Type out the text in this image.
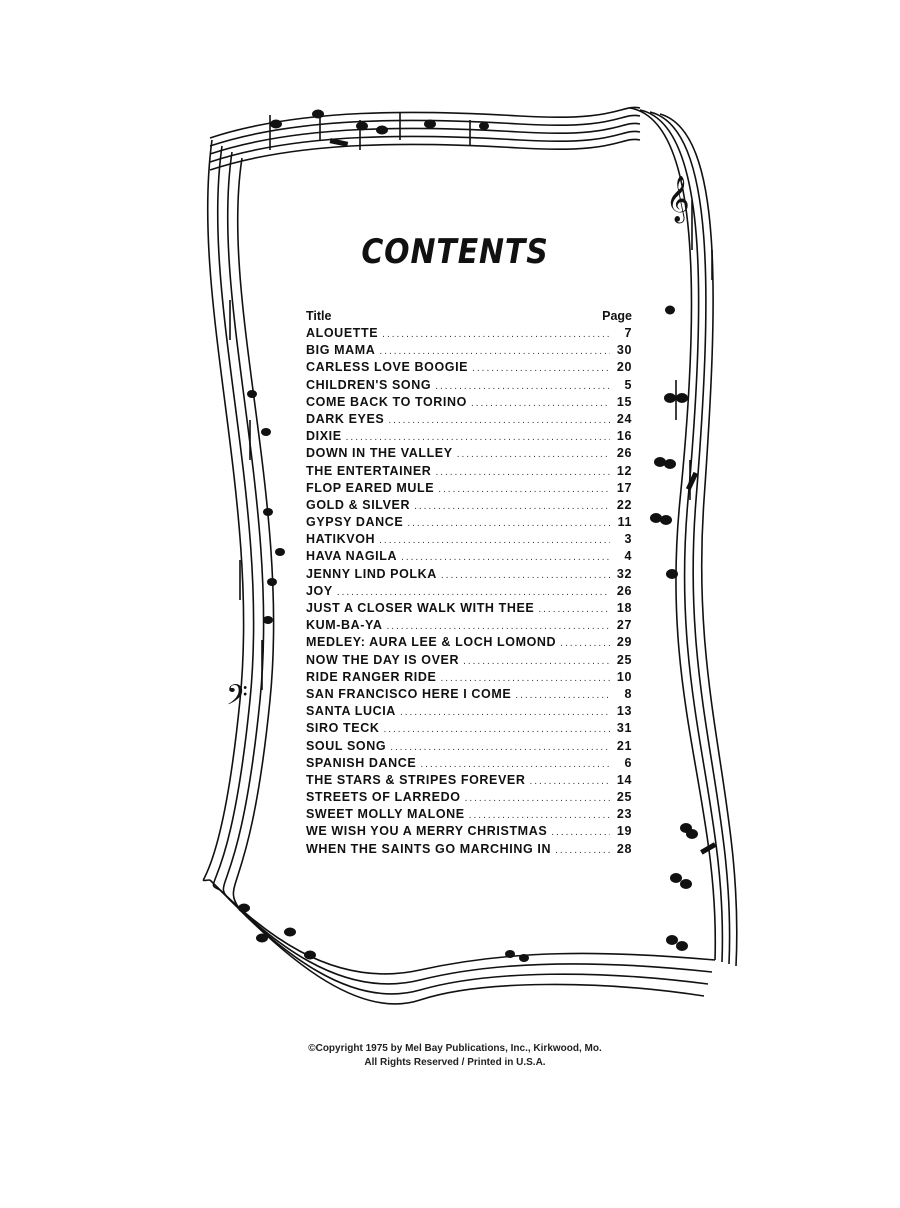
𝄞
𝄢
CONTENTS
Title	Page
ALOUETTE .....	7
BIG MAMA .....	30
CARLESS LOVE BOOGIE .....	20
CHILDREN'S SONG .....	5
COME BACK TO TORINO .....	15
DARK EYES .....	24
DIXIE .....	16
DOWN IN THE VALLEY .....	26
THE ENTERTAINER .....	12
FLOP EARED MULE .....	17
GOLD & SILVER .....	22
GYPSY DANCE .....	11
HATIKVOH .....	3
HAVA NAGILA .....	4
JENNY LIND POLKA .....	32
JOY .....	26
JUST A CLOSER WALK WITH THEE .....	18
KUM-BA-YA .....	27
MEDLEY: AURA LEE & LOCH LOMOND .....	29
NOW THE DAY IS OVER .....	25
RIDE RANGER RIDE .....	10
SAN FRANCISCO HERE I COME .....	8
SANTA LUCIA .....	13
SIRO TECK .....	31
SOUL SONG .....	21
SPANISH DANCE .....	6
THE STARS & STRIPES FOREVER .....	14
STREETS OF LARREDO .....	25
SWEET MOLLY MALONE .....	23
WE WISH YOU A MERRY CHRISTMAS .....	19
WHEN THE SAINTS GO MARCHING IN .....	28
©Copyright 1975 by Mel Bay Publications, Inc., Kirkwood, Mo.
All Rights Reserved / Printed in U.S.A.
